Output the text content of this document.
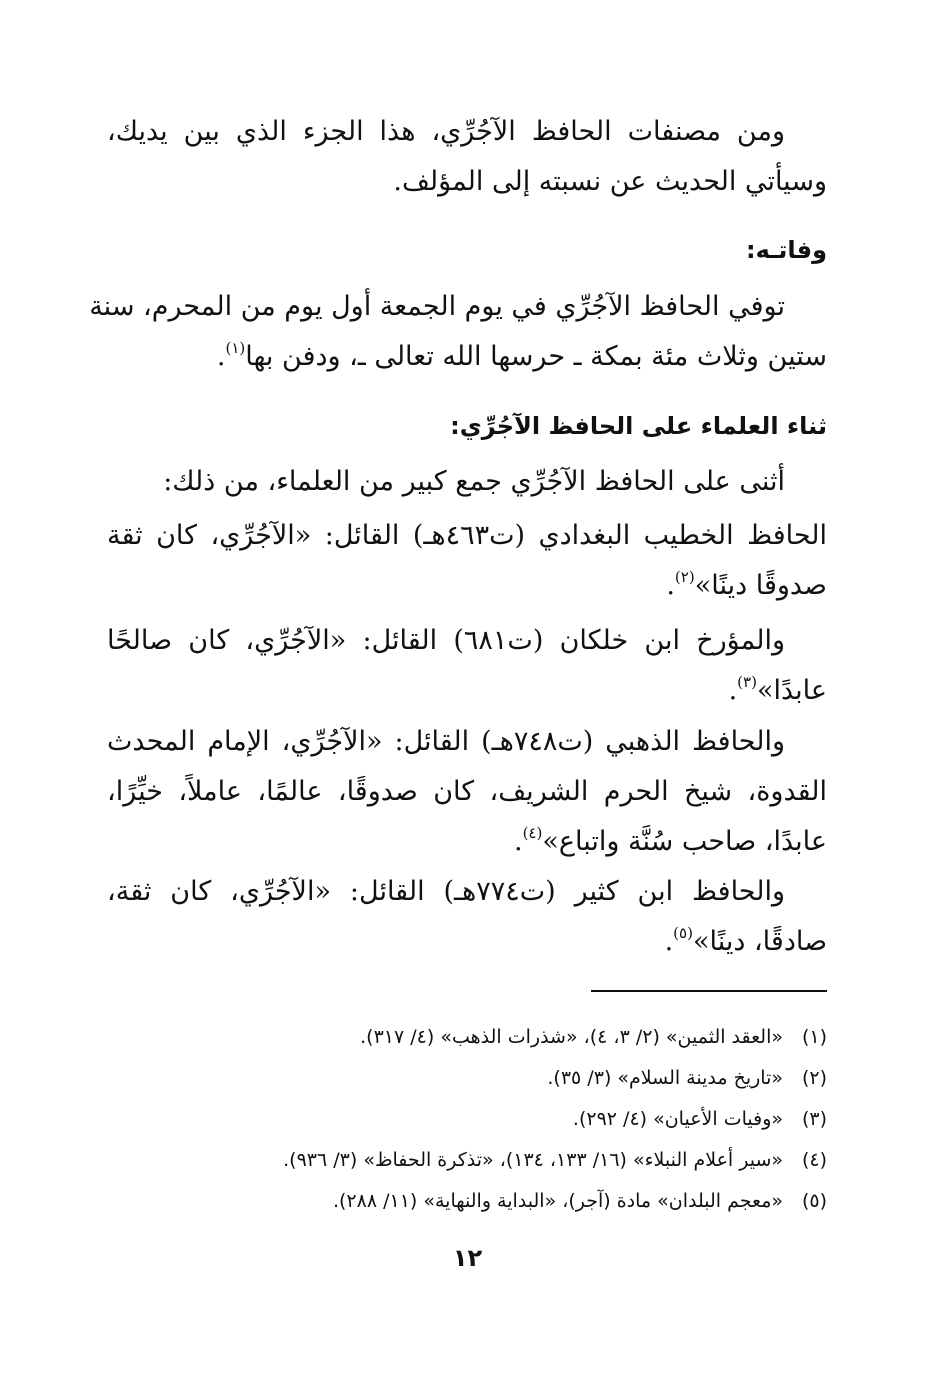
ومن مصنفات الحافظ الآجُرِّي، هذا الجزء الذي بين يديك،
وسيأتي الحديث عن نسبته إلى المؤلف.
وفاتـه:
توفي الحافظ الآجُرِّي في يوم الجمعة أول يوم من المحرم، سنة
ستين وثلاث مئة بمكة ـ حرسها الله تعالى ـ، ودفن بها$^{(١)}$.
ثناء العلماء على الحافظ الآجُرِّي:
أثنى على الحافظ الآجُرِّي جمع كبير من العلماء، من ذلك:
الحافظ الخطيب البغدادي (ت٤٦٣هـ) القائل: «الآجُرِّي، كان ثقة
صدوقًا دينًا»$^{(٢)}$.
والمؤرخ ابن خلكان (ت٦٨١) القائل: «الآجُرِّي، كان صالحًا
عابدًا»$^{(٣)}$.
والحافظ الذهبي (ت٧٤٨هـ) القائل: «الآجُرِّي، الإمام المحدث
القدوة، شيخ الحرم الشريف، كان صدوقًا، عالمًا، عاملاً، خيِّرًا،
عابدًا، صاحب سُنَّة واتباع»$^{(٤)}$.
والحافظ ابن كثير (ت٧٧٤هـ) القائل: «الآجُرِّي، كان ثقة،
صادقًا، دينًا»$^{(٥)}$.
(١)«العقد الثمين» (٢/ ٣، ٤)، «شذرات الذهب» (٤/ ٣١٧).
(٢)«تاريخ مدينة السلام» (٣/ ٣٥).
(٣)«وفيات الأعيان» (٤/ ٢٩٢).
(٤)«سير أعلام النبلاء» (١٦/ ١٣٣، ١٣٤)، «تذكرة الحفاظ» (٣/ ٩٣٦).
(٥)«معجم البلدان» مادة (آجر)، «البداية والنهاية» (١١/ ٢٨٨).
١٢
